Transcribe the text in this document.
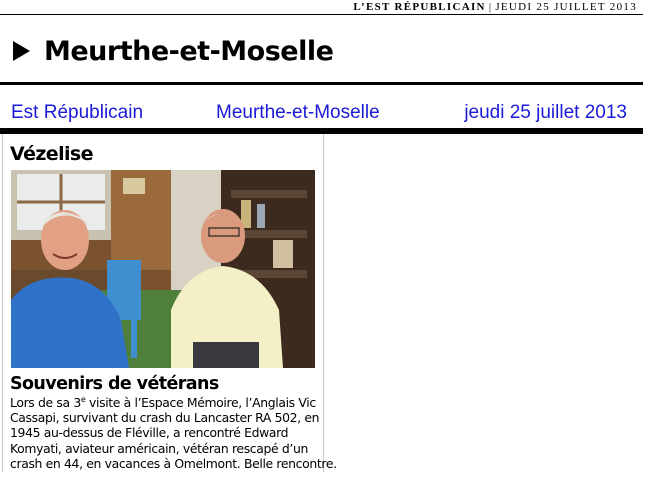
L’EST RÉPUBLICAIN | JEUDI 25 JUILLET 2013
Meurthe-et-Moselle
Est Républicain	Meurthe-et-Moselle	jeudi 25 juillet 2013
Vézelise
Souvenirs de vétérans
Lors de sa 3e visite à l’Espace Mémoire, l’Anglais Vic
Cassapi, survivant du crash du Lancaster RA 502, en
1945 au-dessus de Fléville, a rencontré Edward
Komyati, aviateur américain, vétéran rescapé d’un
crash en 44, en vacances à Omelmont. Belle rencontre.
